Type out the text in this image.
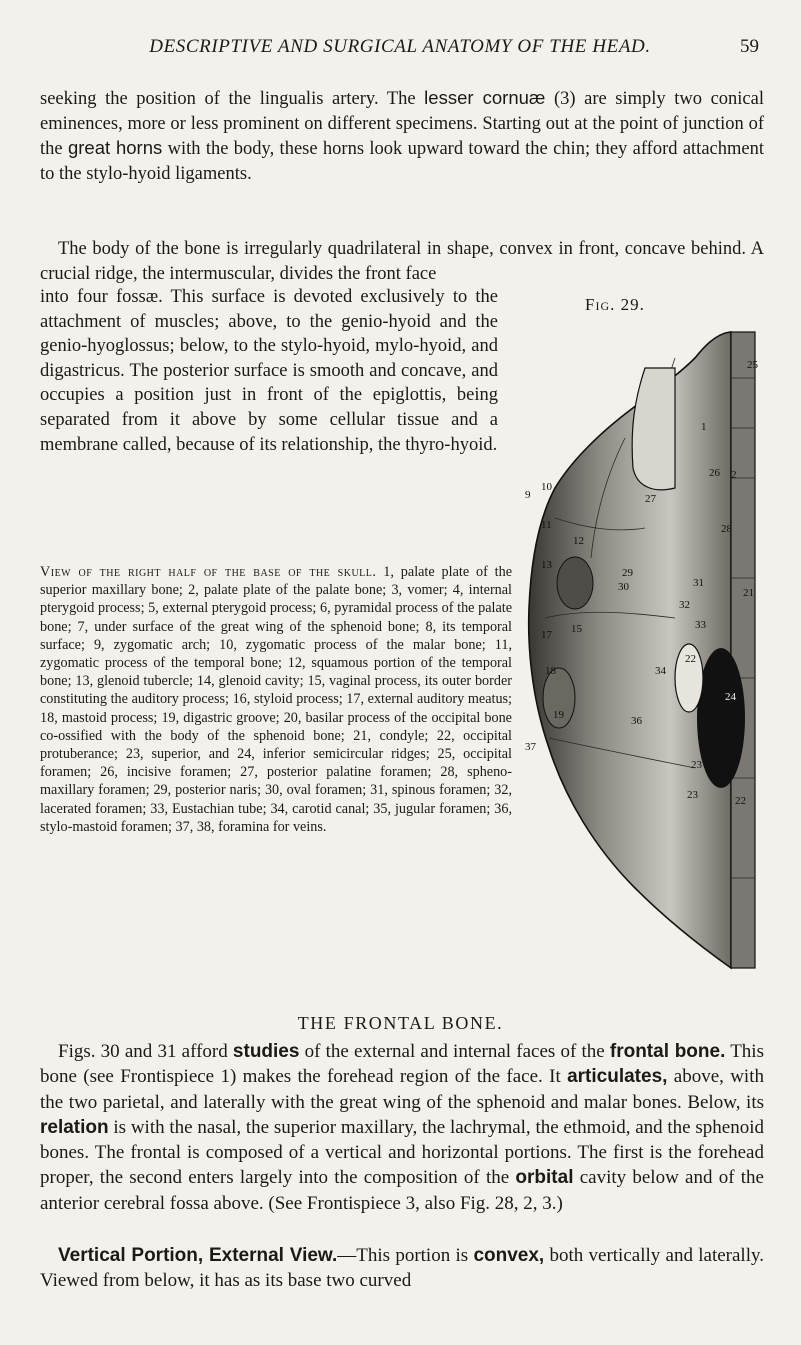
DESCRIPTIVE AND SURGICAL ANATOMY OF THE HEAD.	59

seeking the position of the lingualis artery. The lesser cornuæ (3) are simply two conical eminences, more or less prominent on different specimens. Starting out at the point of junction of the great horns with the body, these horns look upward toward the chin; they afford attachment to the stylo-hyoid ligaments.

The body of the bone is irregularly quadrilateral in shape, convex in front, concave behind. A crucial ridge, the intermuscular, divides the front face

into four fossæ. This surface is devoted exclusively to the attachment of muscles; above, to the genio-hyoid and the genio-hyoglossus; below, to the stylo-hyoid, mylo-hyoid, and digastricus. The posterior surface is smooth and concave, and occupies a position just in front of the epiglottis, being separated from it above by some cellular tissue and a membrane called, because of its relationship, the thyro-hyoid.

View of the right half of the base of the skull. 1, palate plate of the superior maxillary bone; 2, palate plate of the palate bone; 3, vomer; 4, internal pterygoid process; 5, external pterygoid process; 6, pyramidal process of the palate bone; 7, under surface of the great wing of the sphenoid bone; 8, its temporal surface; 9, zygomatic arch; 10, zygomatic process of the malar bone; 11, zygomatic process of the temporal bone; 12, squamous portion of the temporal bone; 13, glenoid tubercle; 14, glenoid cavity; 15, vaginal process, its outer border constituting the auditory process; 16, styloid process; 17, external auditory meatus; 18, mastoid process; 19, digastric groove; 20, basilar process of the occipital bone co-ossified with the body of the sphenoid bone; 21, condyle; 22, occipital protuberance; 23, superior, and 24, inferior semicircular ridges; 25, occipital foramen; 26, incisive foramen; 27, posterior palatine foramen; 28, spheno-maxillary foramen; 29, posterior naris; 30, oval foramen; 31, spinous foramen; 32, lacerated foramen; 33, Eustachian tube; 34, carotid canal; 35, jugular foramen; 36, stylo-mastoid foramen; 37, 38, foramina for veins.
Fig. 29.
25
1
2
26
9
10
11
12
27
28
13
29
21
30	31
32
33
15
17
18	34
22
24
19	36
37
23
23	22
THE FRONTAL BONE.

Figs. 30 and 31 afford studies of the external and internal faces of the frontal bone. This bone (see Frontispiece 1) makes the forehead region of the face. It articulates, above, with the two parietal, and laterally with the great wing of the sphenoid and malar bones. Below, its relation is with the nasal, the superior maxillary, the lachrymal, the ethmoid, and the sphenoid bones. The frontal is composed of a vertical and horizontal portions. The first is the forehead proper, the second enters largely into the composition of the orbital cavity below and of the anterior cerebral fossa above. (See Frontispiece 3, also Fig. 28, 2, 3.)

Vertical Portion, External View.—This portion is convex, both vertically and laterally. Viewed from below, it has as its base two curved
